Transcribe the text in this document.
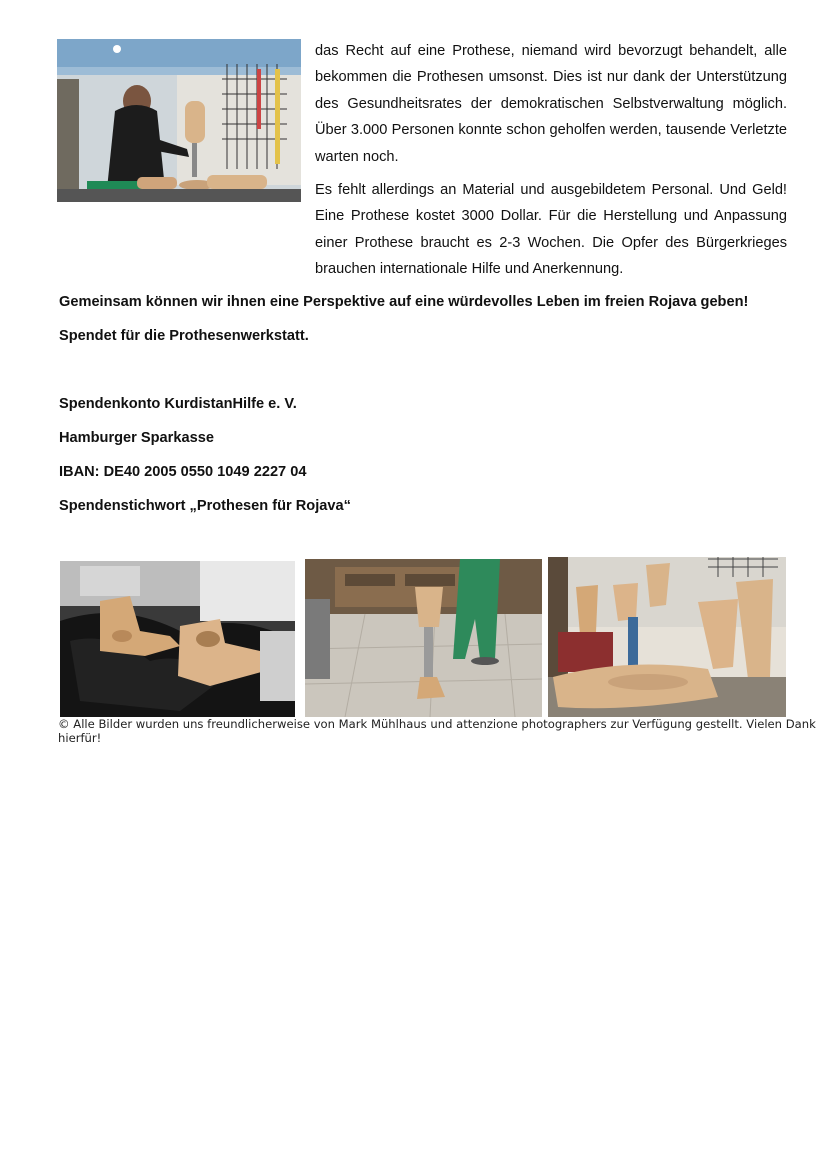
das Recht auf eine Prothese, niemand wird bevorzugt behandelt, alle bekommen die Prothesen umsonst. Dies ist nur dank der Unterstützung des Gesundheitsrates der demokratischen Selbstverwaltung möglich. Über 3.000 Personen konnte schon geholfen werden, tausende Verletzte warten noch.

Es fehlt allerdings an Material und ausgebildetem Personal. Und Geld! Eine Prothese kostet 3000 Dollar. Für die Herstellung und Anpassung einer Prothese braucht es 2-3 Wochen. Die Opfer des Bürgerkrieges brauchen internationale Hilfe und Anerkennung.

Gemeinsam können wir ihnen eine Perspektive auf eine würdevolles Leben im freien Rojava geben!
Spendet für die Prothesenwerkstatt.
Spendenkonto KurdistanHilfe e. V.
Hamburger Sparkasse
IBAN: DE40 2005 0550 1049 2227 04
Spendenstichwort „Prothesen für Rojava“
© Alle Bilder wurden uns freundlicherweise von Mark Mühlhaus und attenzione photographers zur Verfügung gestellt. Vielen Dank hierfür!
